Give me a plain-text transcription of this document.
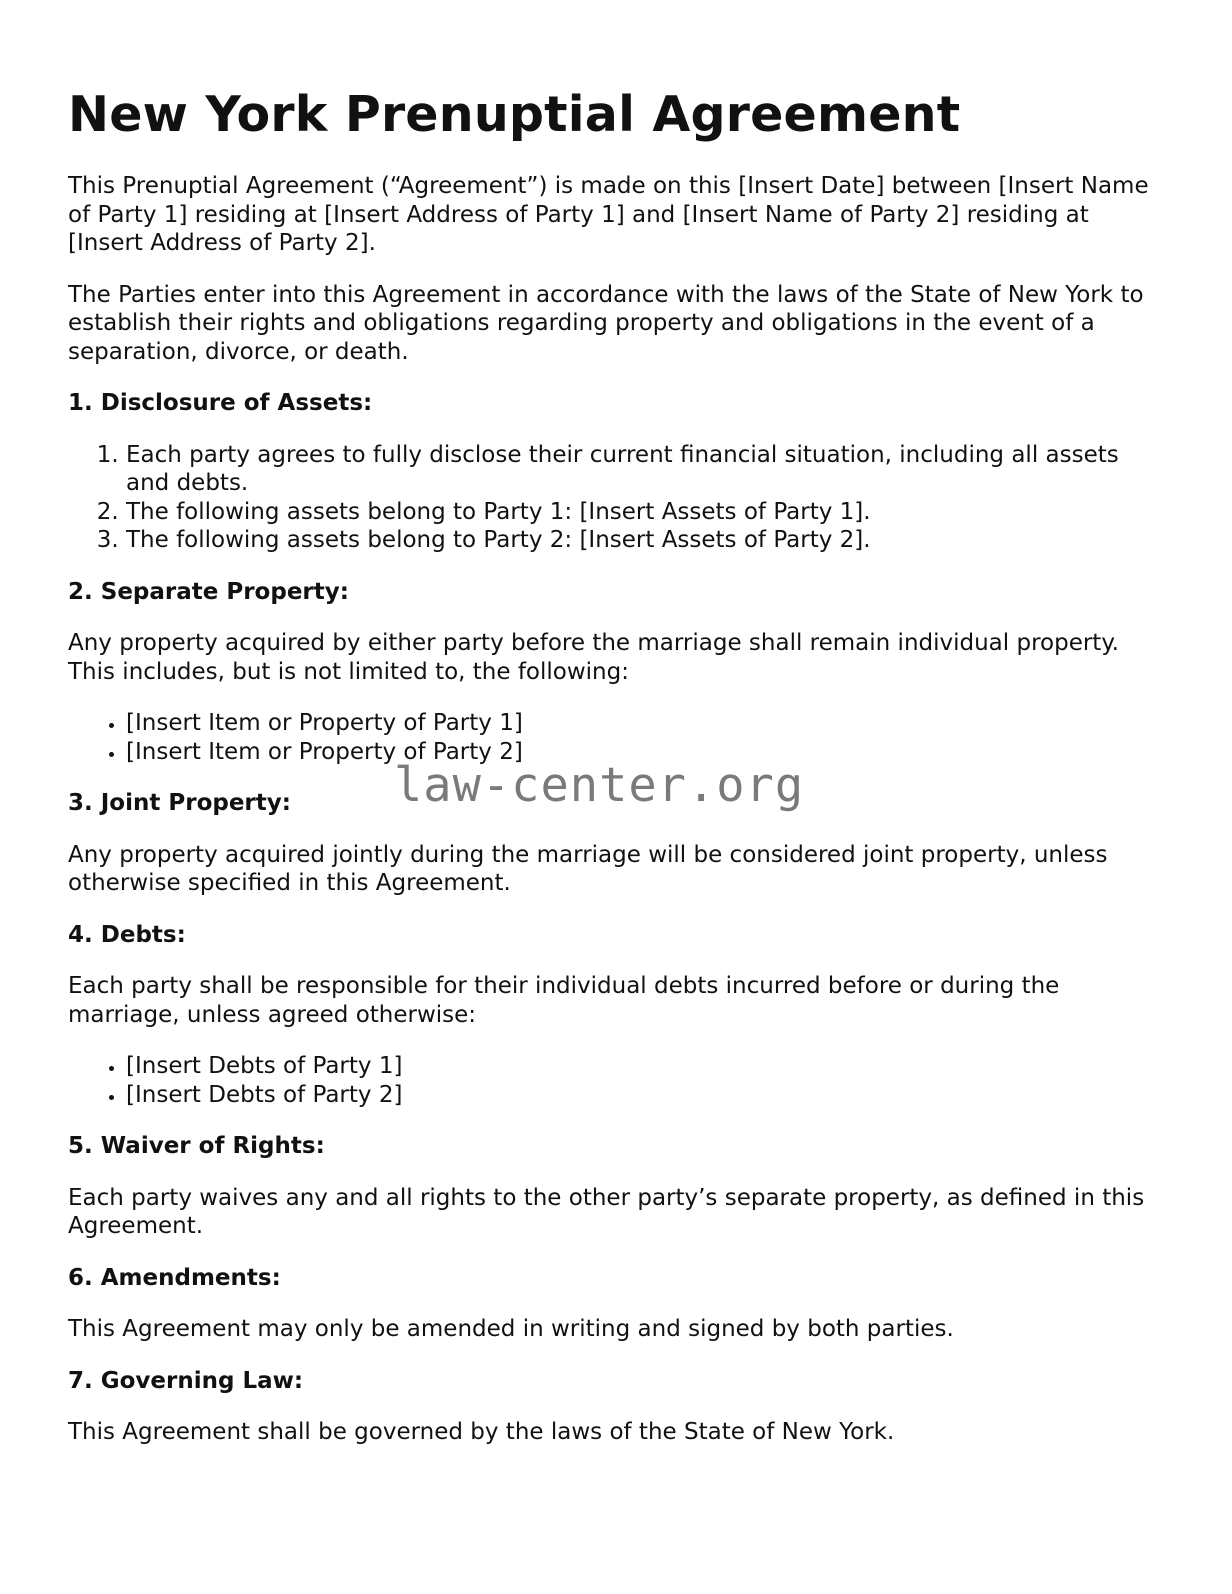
New York Prenuptial Agreement

This Prenuptial Agreement (“Agreement”) is made on this [Insert Date] between [Insert Name of Party 1] residing at [Insert Address of Party 1] and [Insert Name of Party 2] residing at [Insert Address of Party 2].

The Parties enter into this Agreement in accordance with the laws of the State of New York to establish their rights and obligations regarding property and obligations in the event of a separation, divorce, or death.

1. Disclosure of Assets:
1. Each party agrees to fully disclose their current financial situation, including all assets and debts.
2. The following assets belong to Party 1: [Insert Assets of Party 1].
3. The following assets belong to Party 2: [Insert Assets of Party 2].
2. Separate Property:

Any property acquired by either party before the marriage shall remain individual property. This includes, but is not limited to, the following:

• [Insert Item or Property of Party 1]
• [Insert Item or Property of Party 2]
3. Joint Property:

Any property acquired jointly during the marriage will be considered joint property, unless otherwise specified in this Agreement.

4. Debts:

Each party shall be responsible for their individual debts incurred before or during the marriage, unless agreed otherwise:

• [Insert Debts of Party 1]
• [Insert Debts of Party 2]
5. Waiver of Rights:

Each party waives any and all rights to the other party’s separate property, as defined in this Agreement.

6. Amendments:

This Agreement may only be amended in writing and signed by both parties.

7. Governing Law:

This Agreement shall be governed by the laws of the State of New York.

law-center.org
